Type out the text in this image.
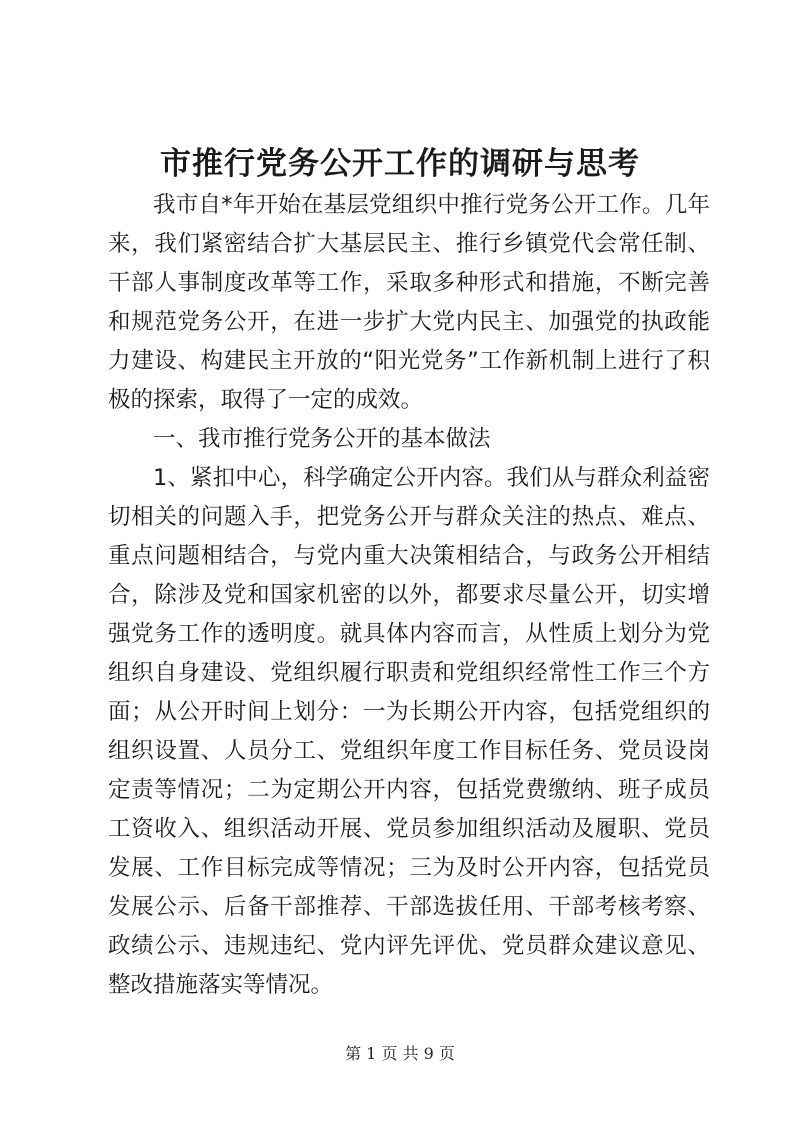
市推行党务公开工作的调研与思考

我市自*年开始在基层党组织中推行党务公开工作。几年来，我们紧密结合扩大基层民主、推行乡镇党代会常任制、干部人事制度改革等工作，采取多种形式和措施，不断完善和规范党务公开，在进一步扩大党内民主、加强党的执政能力建设、构建民主开放的“阳光党务”工作新机制上进行了积极的探索，取得了一定的成效。

一、我市推行党务公开的基本做法

1、紧扣中心，科学确定公开内容。我们从与群众利益密切相关的问题入手，把党务公开与群众关注的热点、难点、重点问题相结合，与党内重大决策相结合，与政务公开相结合，除涉及党和国家机密的以外，都要求尽量公开，切实增强党务工作的透明度。就具体内容而言，从性质上划分为党组织自身建设、党组织履行职责和党组织经常性工作三个方面；从公开时间上划分：一为长期公开内容，包括党组织的组织设置、人员分工、党组织年度工作目标任务、党员设岗定责等情况；二为定期公开内容，包括党费缴纳、班子成员工资收入、组织活动开展、党员参加组织活动及履职、党员发展、工作目标完成等情况；三为及时公开内容，包括党员发展公示、后备干部推荐、干部选拔任用、干部考核考察、政绩公示、违规违纪、党内评先评优、党员群众建议意见、整改措施落实等情况。

第 1 页 共 9 页
